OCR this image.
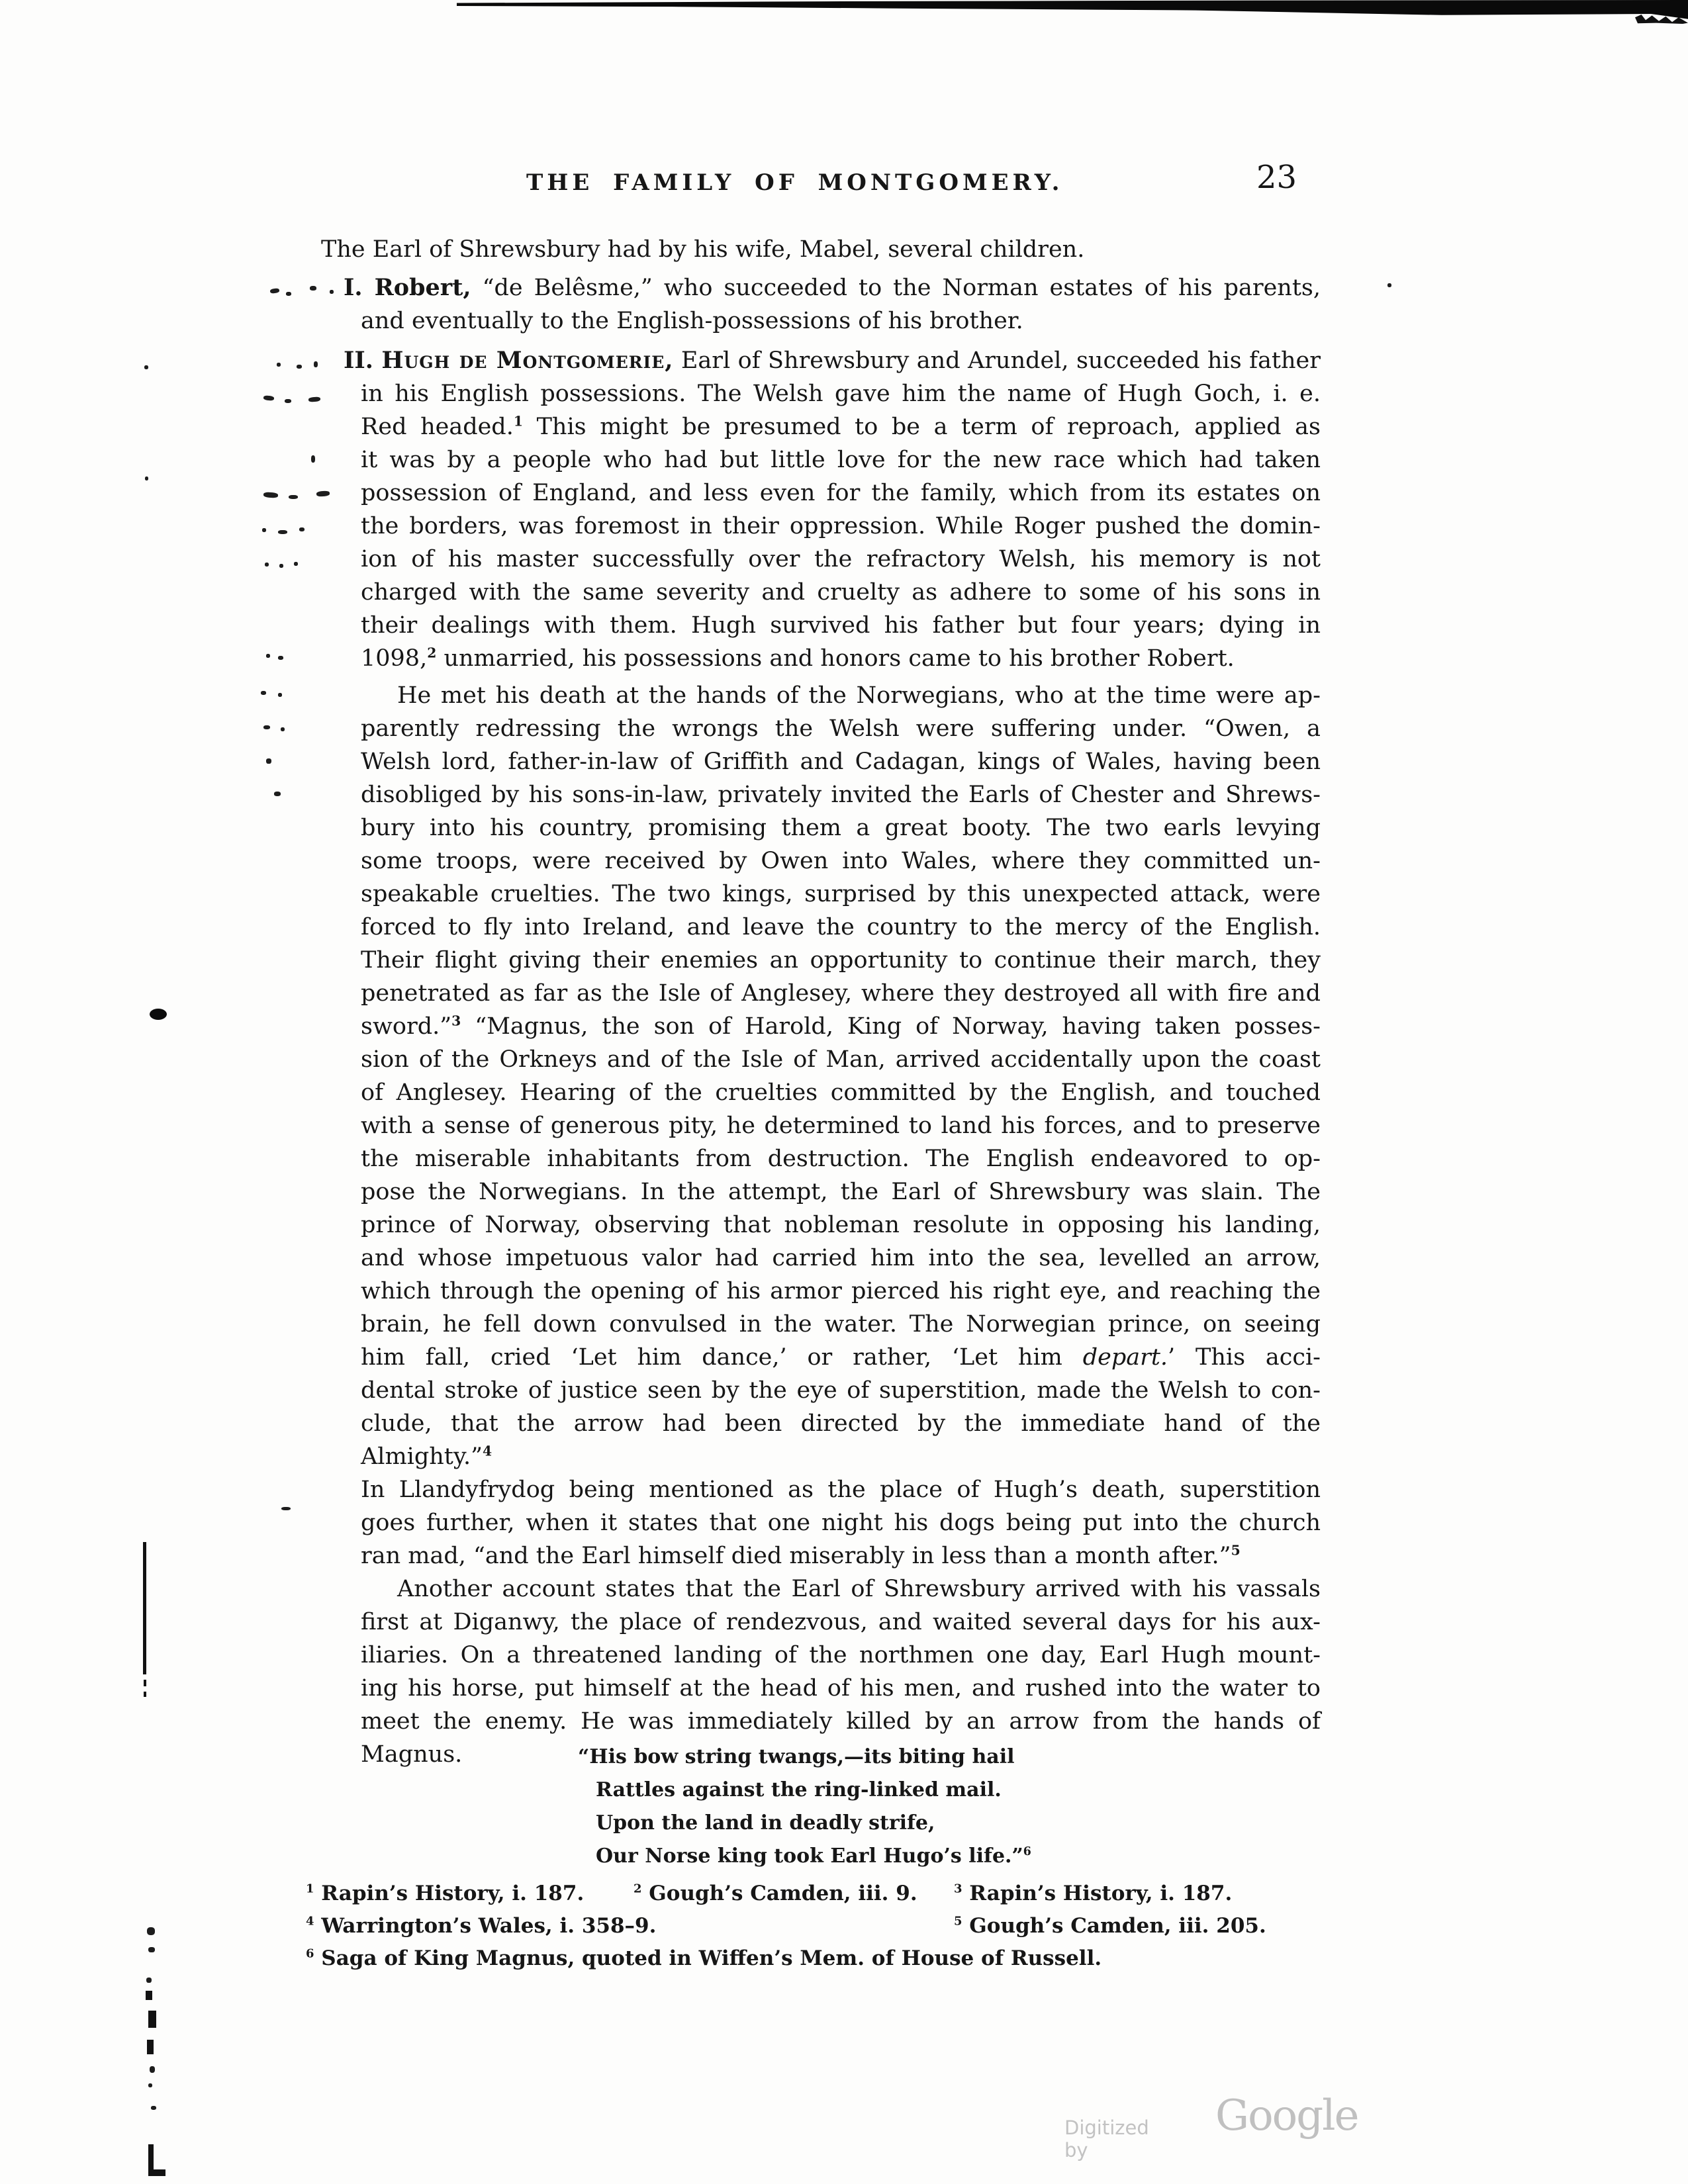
THE FAMILY OF MONTGOMERY.	23
The Earl of Shrewsbury had by his wife, Mabel, several children.
I. Robert, “de Belêsme,” who succeeded to the Norman estates of his parents,
and eventually to the English-possessions of his brother.
II. Hugh de Montgomerie, Earl of Shrewsbury and Arundel, succeeded his father
in his English possessions. The Welsh gave him the name of Hugh Goch, i. e.
Red headed.$^1$ This might be presumed to be a term of reproach, applied as
it was by a people who had but little love for the new race which had taken
possession of England, and less even for the family, which from its estates on
the borders, was foremost in their oppression. While Roger pushed the domin-
ion of his master successfully over the refractory Welsh, his memory is not
charged with the same severity and cruelty as adhere to some of his sons in
their dealings with them. Hugh survived his father but four years; dying in
1098,$^2$ unmarried, his possessions and honors came to his brother Robert.
He met his death at the hands of the Norwegians, who at the time were ap-
parently redressing the wrongs the Welsh were suffering under. “Owen, a
Welsh lord, father-in-law of Griffith and Cadagan, kings of Wales, having been
disobliged by his sons-in-law, privately invited the Earls of Chester and Shrews-
bury into his country, promising them a great booty. The two earls levying
some troops, were received by Owen into Wales, where they committed un-
speakable cruelties. The two kings, surprised by this unexpected attack, were
forced to fly into Ireland, and leave the country to the mercy of the English.
Their flight giving their enemies an opportunity to continue their march, they
penetrated as far as the Isle of Anglesey, where they destroyed all with fire and
sword.”$^3$ “Magnus, the son of Harold, King of Norway, having taken posses-
sion of the Orkneys and of the Isle of Man, arrived accidentally upon the coast
of Anglesey. Hearing of the cruelties committed by the English, and touched
with a sense of generous pity, he determined to land his forces, and to preserve
the miserable inhabitants from destruction. The English endeavored to op-
pose the Norwegians. In the attempt, the Earl of Shrewsbury was slain. The
prince of Norway, observing that nobleman resolute in opposing his landing,
and whose impetuous valor had carried him into the sea, levelled an arrow,
which through the opening of his armor pierced his right eye, and reaching the
brain, he fell down convulsed in the water. The Norwegian prince, on seeing
him fall, cried ‘Let him dance,’ or rather, ‘Let him depart.’ This acci-
dental stroke of justice seen by the eye of superstition, made the Welsh to con-
clude, that the arrow had been directed by the immediate hand of the Almighty.”$^4$
In Llandyfrydog being mentioned as the place of Hugh’s death, superstition
goes further, when it states that one night his dogs being put into the church
ran mad, “and the Earl himself died miserably in less than a month after.”$^5$
Another account states that the Earl of Shrewsbury arrived with his vassals
first at Diganwy, the place of rendezvous, and waited several days for his aux-
iliaries. On a threatened landing of the northmen one day, Earl Hugh mount-
ing his horse, put himself at the head of his men, and rushed into the water to
meet the enemy. He was immediately killed by an arrow from the hands of
Magnus.	“His bow string twangs,—its biting hail
Rattles against the ring-linked mail.
Upon the land in deadly strife,
Our Norse king took Earl Hugo’s life.”$^6$
$^1$ Rapin’s History, i. 187.	$^2$ Gough’s Camden, iii. 9.	$^3$ Rapin’s History, i. 187.
$^4$ Warrington’s Wales, i. 358–9.	$^5$ Gough’s Camden, iii. 205.
$^6$ Saga of King Magnus, quoted in Wiffen’s Mem. of House of Russell.
Digitized by
Google
